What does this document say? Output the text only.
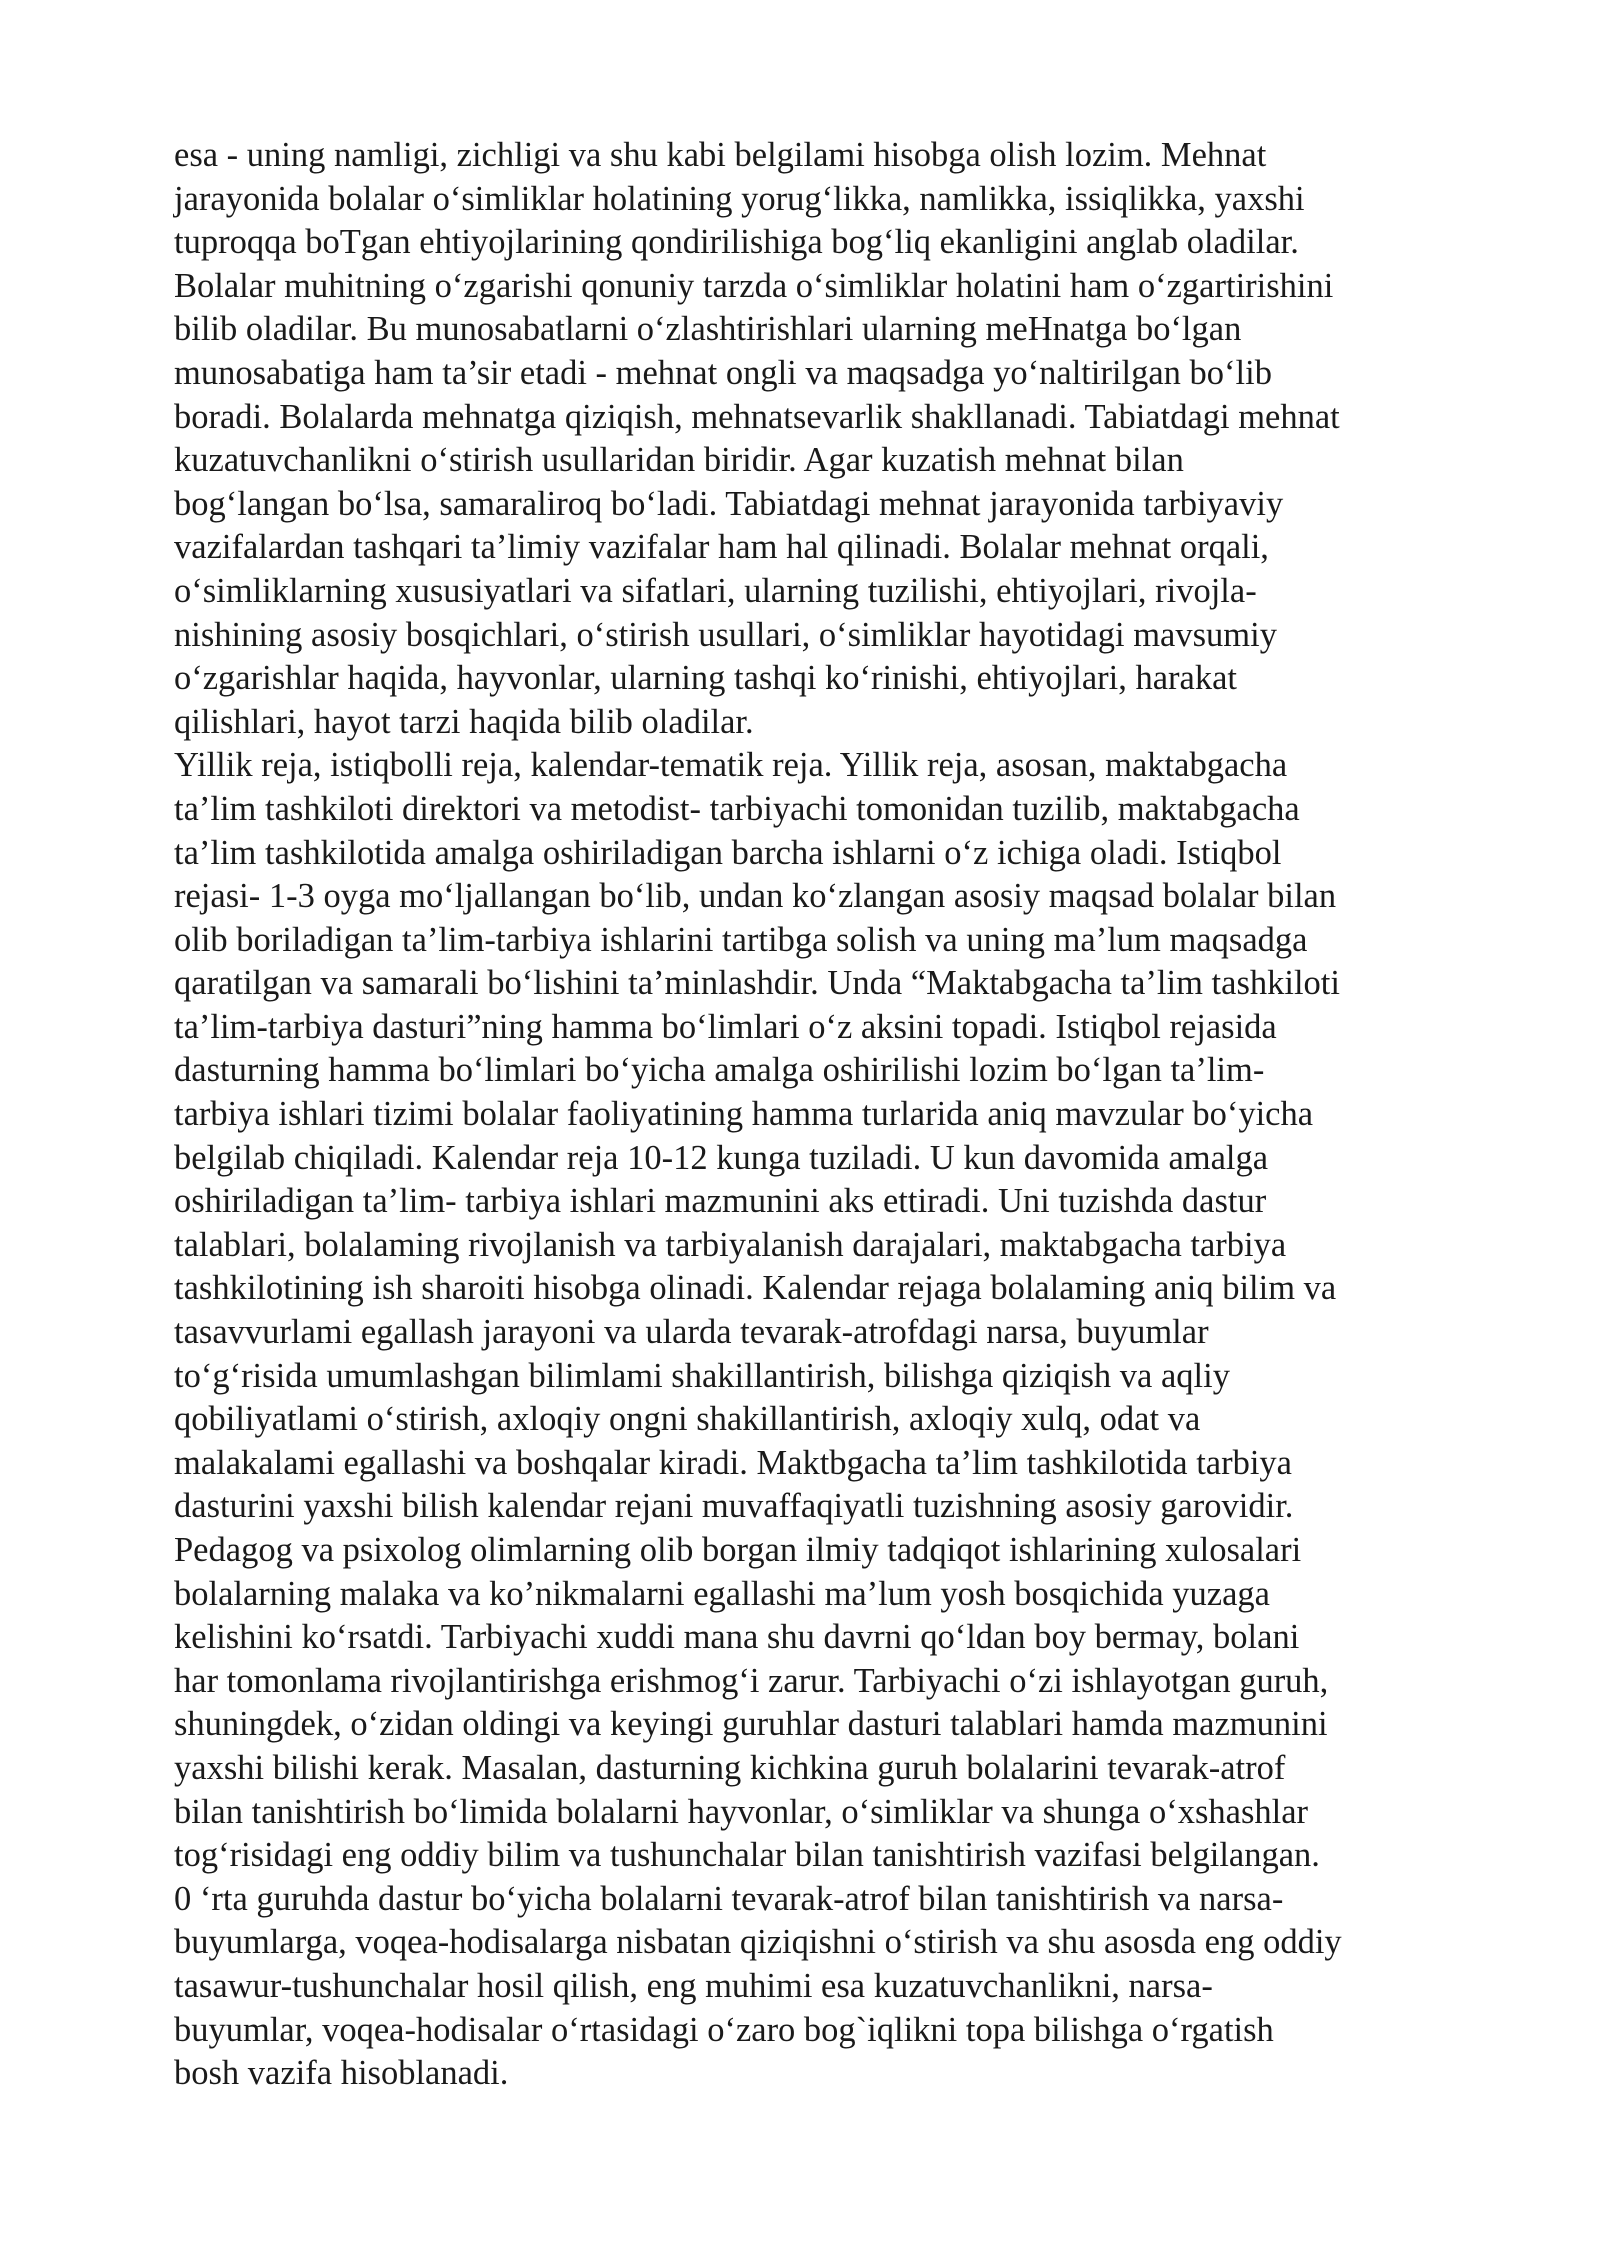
esa - uning namligi, zichligi va shu kabi belgilami hisobga olish lozim. Mehnat
jarayonida bolalar o‘simliklar holatining yorug‘likka, namlikka, issiqlikka, yaxshi
tuproqqa boTgan ehtiyojlarining qondirilishiga bog‘liq ekanligini anglab oladilar.
Bolalar muhitning o‘zgarishi qonuniy tarzda o‘simliklar holatini ham o‘zgartirishini
bilib oladilar. Bu munosabatlarni o‘zlashtirishlari ularning meHnatga bo‘lgan
munosabatiga ham ta’sir etadi - mehnat ongli va maqsadga yo‘naltirilgan bo‘lib
boradi. Bolalarda mehnatga qiziqish, mehnatsevarlik shakllanadi. Tabiatdagi mehnat
kuzatuvchanlikni o‘stirish usullaridan biridir. Agar kuzatish mehnat bilan
bog‘langan bo‘lsa, samaraliroq bo‘ladi. Tabiatdagi mehnat jarayonida tarbiyaviy
vazifalardan tashqari ta’limiy vazifalar ham hal qilinadi. Bolalar mehnat orqali,
o‘simliklarning xususiyatlari va sifatlari, ularning tuzilishi, ehtiyojlari, rivojla-
nishining asosiy bosqichlari, o‘stirish usullari, o‘simliklar hayotidagi mavsumiy
o‘zgarishlar haqida, hayvonlar, ularning tashqi ko‘rinishi, ehtiyojlari, harakat
qilishlari, hayot tarzi haqida bilib oladilar.
Yillik reja, istiqbolli reja, kalendar-tematik reja. Yillik reja, asosan, maktabgacha
ta’lim tashkiloti direktori va metodist- tarbiyachi tomonidan tuzilib, maktabgacha
ta’lim tashkilotida amalga oshiriladigan barcha ishlarni o‘z ichiga oladi. Istiqbol
rejasi- 1-3 oyga mo‘ljallangan bo‘lib, undan ko‘zlangan asosiy maqsad bolalar bilan
olib boriladigan ta’lim-tarbiya ishlarini tartibga solish va uning ma’lum maqsadga
qaratilgan va samarali bo‘lishini ta’minlashdir. Unda “Maktabgacha ta’lim tashkiloti
ta’lim-tarbiya dasturi”ning hamma bo‘limlari o‘z aksini topadi. Istiqbol rejasida
dasturning hamma bo‘limlari bo‘yicha amalga oshirilishi lozim bo‘lgan ta’lim-
tarbiya ishlari tizimi bolalar faoliyatining hamma turlarida aniq mavzular bo‘yicha
belgilab chiqiladi. Kalendar reja 10-12 kunga tuziladi. U kun davomida amalga
oshiriladigan ta’lim- tarbiya ishlari mazmunini aks ettiradi. Uni tuzishda dastur
talablari, bolalaming rivojlanish va tarbiyalanish darajalari, maktabgacha tarbiya
tashkilotining ish sharoiti hisobga olinadi. Kalendar rejaga bolalaming aniq bilim va
tasavvurlami egallash jarayoni va ularda tevarak-atrofdagi narsa, buyumlar
to‘g‘risida umumlashgan bilimlami shakillantirish, bilishga qiziqish va aqliy
qobiliyatlami o‘stirish, axloqiy ongni shakillantirish, axloqiy xulq, odat va
malakalami egallashi va boshqalar kiradi. Maktbgacha ta’lim tashkilotida tarbiya
dasturini yaxshi bilish kalendar rejani muvaffaqiyatli tuzishning asosiy garovidir.
Pedagog va psixolog olimlarning olib borgan ilmiy tadqiqot ishlarining xulosalari
bolalarning malaka va ko’nikmalarni egallashi ma’lum yosh bosqichida yuzaga
kelishini ko‘rsatdi. Tarbiyachi xuddi mana shu davrni qo‘ldan boy bermay, bolani
har tomonlama rivojlantirishga erishmog‘i zarur. Tarbiyachi o‘zi ishlayotgan guruh,
shuningdek, o‘zidan oldingi va keyingi guruhlar dasturi talablari hamda mazmunini
yaxshi bilishi kerak. Masalan, dasturning kichkina guruh bolalarini tevarak-atrof
bilan tanishtirish bo‘limida bolalarni hayvonlar, o‘simliklar va shunga o‘xshashlar
tog‘risidagi eng oddiy bilim va tushunchalar bilan tanishtirish vazifasi belgilangan.
0 ‘rta guruhda dastur bo‘yicha bolalarni tevarak-atrof bilan tanishtirish va narsa-
buyumlarga, voqea-hodisalarga nisbatan qiziqishni o‘stirish va shu asosda eng oddiy
tasawur-tushunchalar hosil qilish, eng muhimi esa kuzatuvchanlikni, narsa-
buyumlar, voqea-hodisalar o‘rtasidagi o‘zaro bog`iqlikni topa bilishga o‘rgatish
bosh vazifa hisoblanadi.
